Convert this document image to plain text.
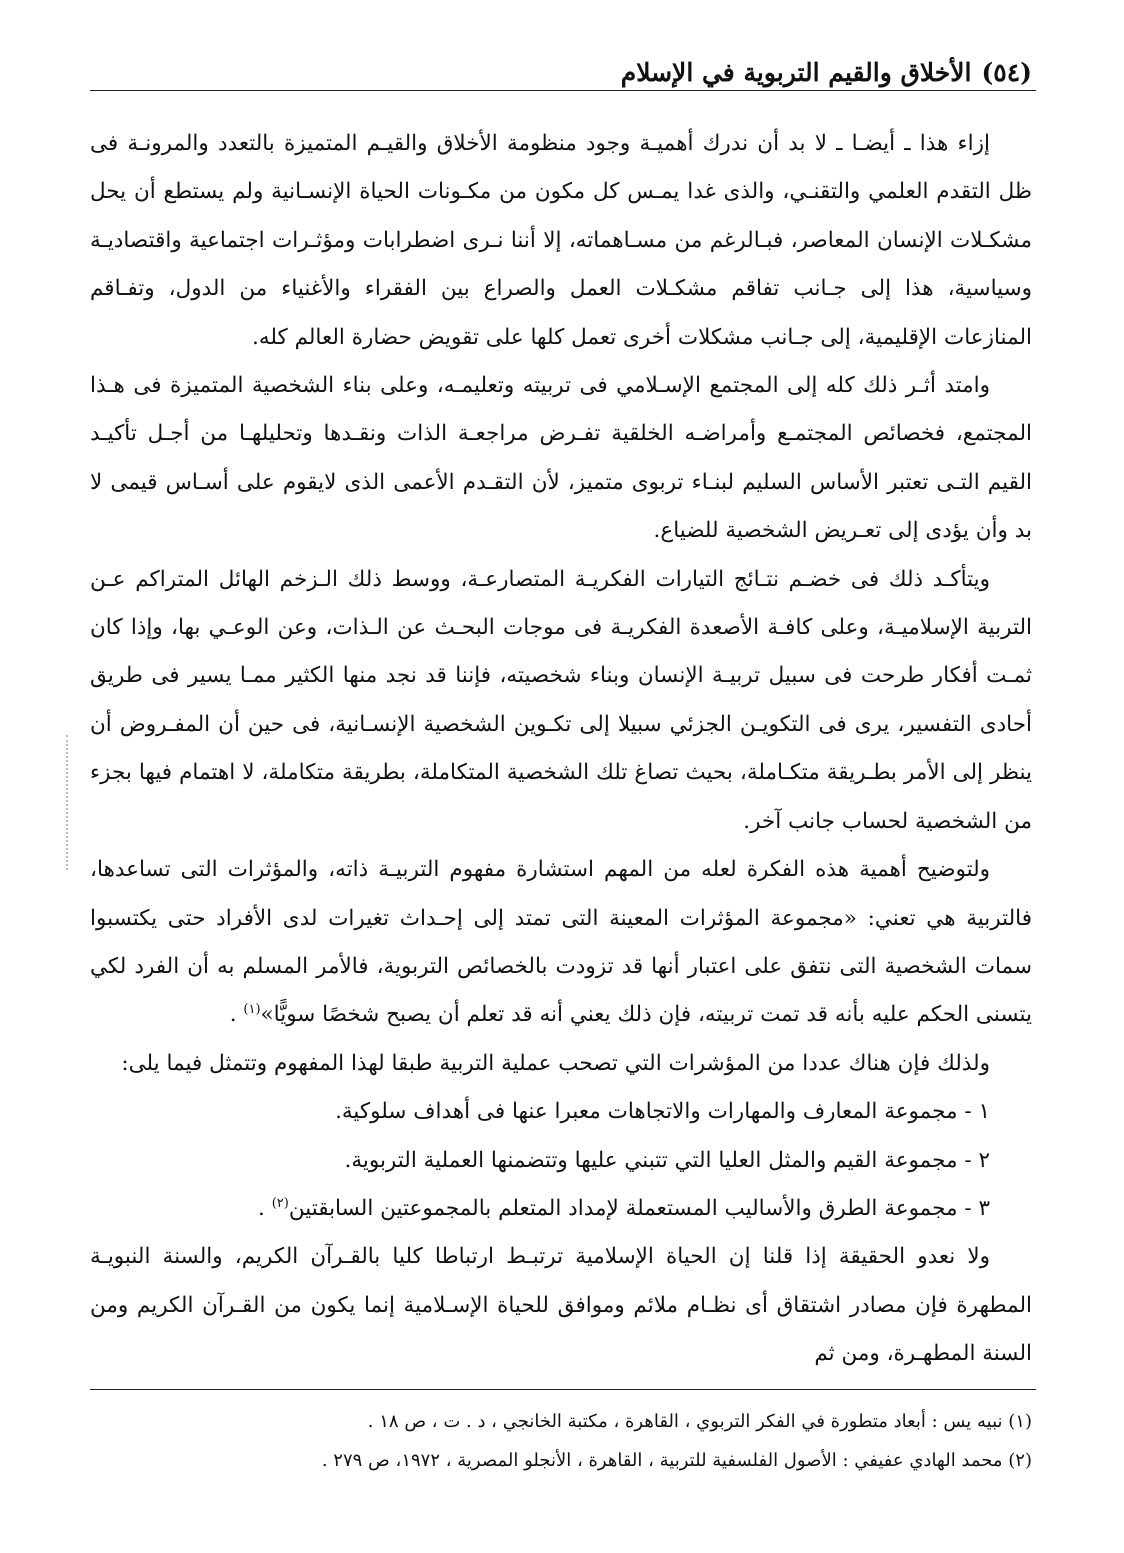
(٥٤)
الأخلاق والقيم التربوية في الإسلام

إزاء هذا ـ أيضـا ـ لا بد أن ندرك أهميـة وجود منظومة الأخلاق والقيـم المتميزة بالتعدد والمرونـة فى ظل التقدم العلمي والتقنـي، والذى غدا يمـس كل مكون من مكـونات الحياة الإنسـانية ولم يستطع أن يحل مشكـلات الإنسان المعاصر، فبـالرغم من مسـاهماته، إلا أننا نـرى اضطرابات ومؤثـرات اجتماعية واقتصاديـة وسياسية، هذا إلى جـانب تفاقم مشكـلات العمل والصراع بين الفقراء والأغنياء من الدول، وتفـاقم المنازعات الإقليمية، إلى جـانب مشكلات أخرى تعمل كلها على تقويض حضارة العالم كله.

وامتد أثـر ذلك كله إلى المجتمع الإسـلامي فى تربيته وتعليمـه، وعلى بناء الشخصية المتميزة فى هـذا المجتمع، فخصائص المجتمـع وأمراضـه الخلقية تفـرض مراجعـة الذات ونقـدها وتحليلهـا من أجـل تأكيـد القيم التـى تعتبر الأساس السليم لبنـاء تربوى متميز، لأن التقـدم الأعمى الذى لايقوم على أسـاس قيمى لا بد وأن يؤدى إلى تعـريض الشخصية للضياع.

ويتأكـد ذلك فى خضـم نتـائج التيارات الفكريـة المتصارعـة، ووسط ذلك الـزخم الهائل المتراكم عـن التربية الإسلاميـة، وعلى كافـة الأصعدة الفكريـة فى موجات البحـث عن الـذات، وعن الوعـي بها، وإذا كان ثمـت أفكار طرحت فى سبيل تربيـة الإنسان وبناء شخصيته، فإننا قد نجد منها الكثير ممـا يسير فى طريق أحادى التفسير، يرى فى التكويـن الجزئي سبيلا إلى تكـوين الشخصية الإنسـانية، فى حين أن المفـروض أن ينظر إلى الأمر بطـريقة متكـاملة، بحيث تصاغ تلك الشخصية المتكاملة، بطريقة متكاملة، لا اهتمام فيها بجزء من الشخصية لحساب جانب آخر.

ولتوضيح أهمية هذه الفكرة لعله من المهم استشارة مفهوم التربيـة ذاته، والمؤثرات التى تساعدها، فالتربية هي تعني: «مجموعة المؤثرات المعينة التى تمتد إلى إحـداث تغيرات لدى الأفراد حتى يكتسبوا سمات الشخصية التى نتفق على اعتبار أنها قد تزودت بالخصائص التربوية، فالأمر المسلم به أن الفرد لكي يتسنى الحكم عليه بأنه قد تمت تربيته، فإن ذلك يعني أنه قد تعلم أن يصبح شخصًا سويًّا»$^{(١)}$ .

ولذلك فإن هناك عددا من المؤشرات التي تصحب عملية التربية طبقا لهذا المفهوم وتتمثل فيما يلى:

١ - مجموعة المعارف والمهارات والاتجاهات معبرا عنها فى أهداف سلوكية.

٢ - مجموعة القيم والمثل العليا التي تتبني عليها وتتضمنها العملية التربوية.

٣ - مجموعة الطرق والأساليب المستعملة لإمداد المتعلم بالمجموعتين السابقتين$^{(٢)}$ .

ولا نعدو الحقيقة إذا قلنا إن الحياة الإسلامية ترتبـط ارتباطا كليا بالقـرآن الكريم، والسنة النبويـة المطهرة فإن مصادر اشتقاق أى نظـام ملائم وموافق للحياة الإسـلامية إنما يكون من القـرآن الكريم ومن السنة المطهـرة، ومن ثم

(١) نبيه يس : أبعاد متطورة في الفكر التربوي ، القاهرة ، مكتبة الخانجي ، د . ت ، ص ١٨ .
(٢) محمد الهادي عفيفي : الأصول الفلسفية للتربية ، القاهرة ، الأنجلو المصرية ، ١٩٧٢، ص ٢٧٩ .
